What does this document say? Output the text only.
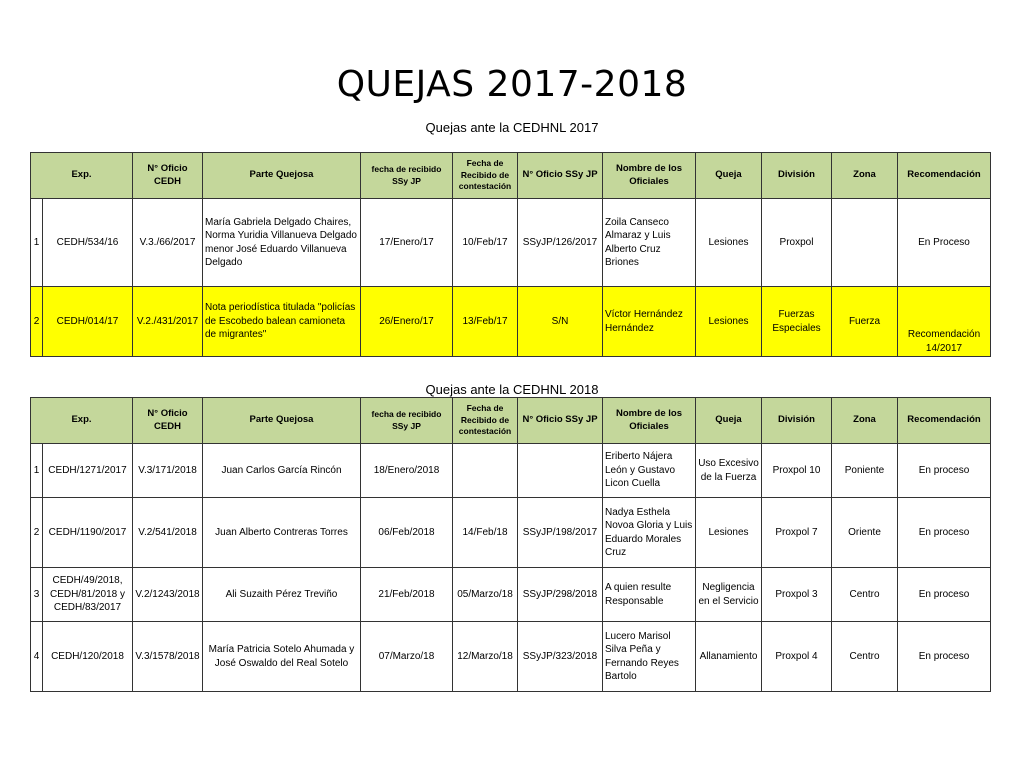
QUEJAS 2017-2018
Quejas ante la CEDHNL 2017
Exp.		N° Oficio CEDH	Parte Quejosa	fecha de recibido SSy JP	Fecha de Recibido de contestación	N° Oficio SSy JP	Nombre de los Oficiales	Queja	División	Zona	Recomendación
1	CEDH/534/16	V.3./66/2017	María Gabriela Delgado Chaires, Norma Yuridia Villanueva Delgado menor José Eduardo Villanueva Delgado	17/Enero/17	10/Feb/17	SSyJP/126/2017	Zoila Canseco Almaraz y Luis Alberto Cruz Briones	Lesiones	Proxpol		En Proceso
2	CEDH/014/17	V.2./431/2017	Nota periodística titulada "policías de Escobedo balean camioneta de migrantes"	26/Enero/17	13/Feb/17	S/N	Víctor Hernández Hernández	Lesiones	Fuerzas Especiales	Fuerza	Recomendación 14/2017
Quejas ante la CEDHNL 2018
Exp.		N° Oficio CEDH	Parte Quejosa	fecha de recibido SSy JP	Fecha de Recibido de contestación	N° Oficio SSy JP	Nombre de los Oficiales	Queja	División	Zona	Recomendación
1	CEDH/1271/2017	V.3/171/2018	Juan Carlos García Rincón	18/Enero/2018			Eriberto Nájera León y Gustavo Licon Cuella	Uso Excesivo de la Fuerza	Proxpol 10	Poniente	En proceso
2	CEDH/1190/2017	V.2/541/2018	Juan Alberto Contreras Torres	06/Feb/2018	14/Feb/18	SSyJP/198/2017	Nadya Esthela Novoa Gloria y Luis Eduardo Morales Cruz	Lesiones	Proxpol 7	Oriente	En proceso
3	CEDH/49/2018, CEDH/81/2018 y CEDH/83/2017	V.2/1243/2018	Ali Suzaith Pérez Treviño	21/Feb/2018	05/Marzo/18	SSyJP/298/2018	A quien resulte Responsable	Negligencia en el Servicio	Proxpol 3	Centro	En proceso
4	CEDH/120/2018	V.3/1578/2018	María Patricia Sotelo Ahumada y José Oswaldo del Real Sotelo	07/Marzo/18	12/Marzo/18	SSyJP/323/2018	Lucero Marisol Silva Peña y Fernando Reyes Bartolo	Allanamiento	Proxpol 4	Centro	En proceso
